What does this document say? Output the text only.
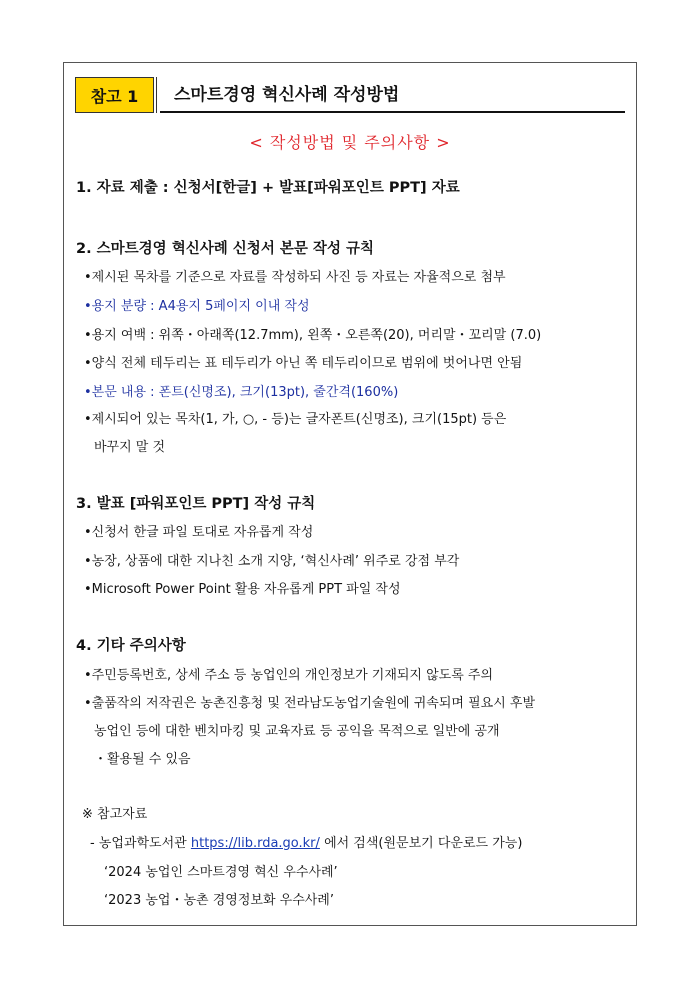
참고 1 스마트경영 혁신사례 작성방법
< 작성방법 및 주의사항 >
1. 자료 제출 : 신청서[한글] + 발표[파워포인트 PPT] 자료
2. 스마트경영 혁신사례 신청서 본문 작성 규칙
•제시된 목차를 기준으로 자료를 작성하되 사진 등 자료는 자율적으로 첨부
•용지 분량 : A4용지 5페이지 이내 작성
•용지 여백 : 위쪽・아래쪽(12.7mm), 왼쪽・오른쪽(20), 머리말・꼬리말 (7.0)
•양식 전체 테두리는 표 테두리가 아닌 쪽 테두리이므로 범위에 벗어나면 안됨
•본문 내용 : 폰트(신명조), 크기(13pt), 줄간격(160%)
•제시되어 있는 목차(1, 가, ○, - 등)는 글자폰트(신명조), 크기(15pt) 등은
바꾸지 말 것
3. 발표 [파워포인트 PPT] 작성 규칙
•신청서 한글 파일 토대로 자유롭게 작성
•농장, 상품에 대한 지나친 소개 지양, ‘혁신사례’ 위주로 강점 부각
•Microsoft Power Point 활용 자유롭게 PPT 파일 작성
4. 기타 주의사항
•주민등록번호, 상세 주소 등 농업인의 개인정보가 기재되지 않도록 주의
•출품작의 저작권은 농촌진흥청 및 전라남도농업기술원에 귀속되며 필요시 후발
농업인 등에 대한 벤치마킹 및 교육자료 등 공익을 목적으로 일반에 공개
・활용될 수 있음
※ 참고자료
- 농업과학도서관 https://lib.rda.go.kr/ 에서 검색(원문보기 다운로드 가능)
‘2024 농업인 스마트경영 혁신 우수사례’
‘2023 농업・농촌 경영정보화 우수사례’
